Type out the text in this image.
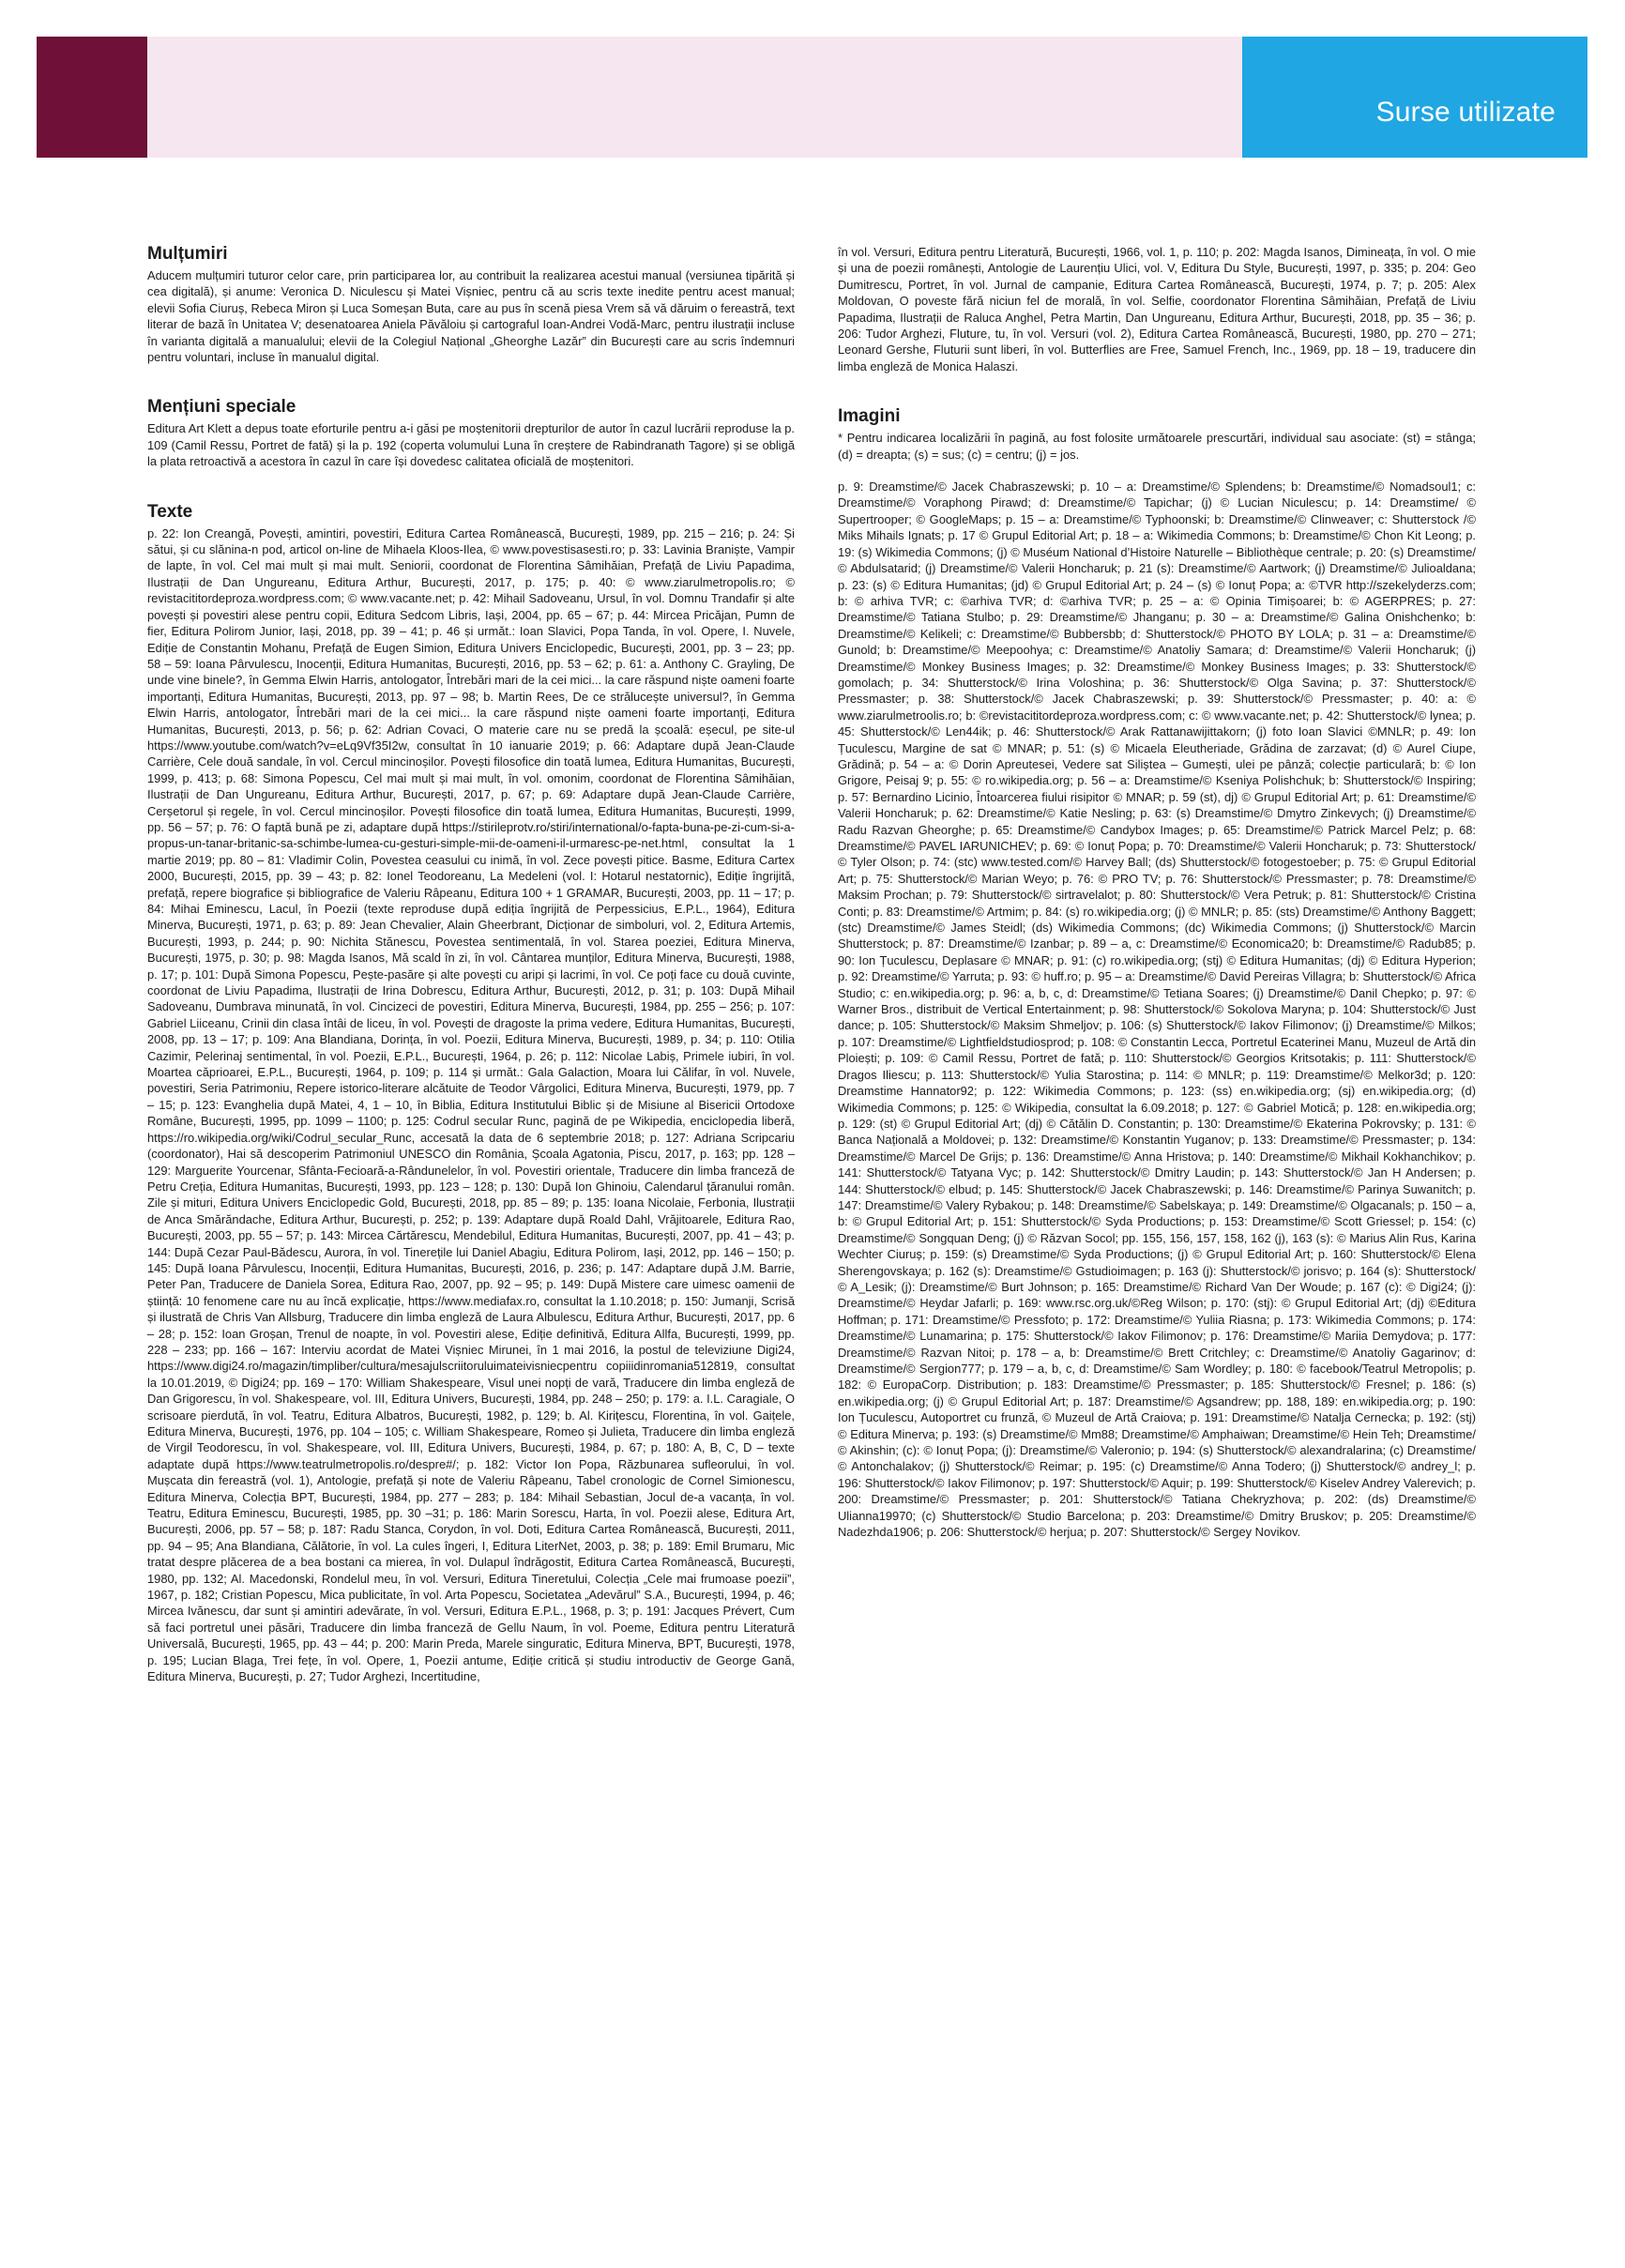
Surse utilizate
Mulțumiri

Aducem mulțumiri tuturor celor care, prin participarea lor, au contribuit la realizarea acestui manual (versiunea tipărită și cea digitală), și anume: Veronica D. Niculescu și Matei Vișniec, pentru că au scris texte inedite pentru acest manual; elevii Sofia Ciuruș, Rebeca Miron și Luca Someșan Buta, care au pus în scenă piesa Vrem să vă dăruim o fereastră, text literar de bază în Unitatea V; desenatoarea Aniela Păvăloiu și cartograful Ioan-Andrei Vodă-Marc, pentru ilustrații incluse în varianta digitală a manualului; elevii de la Colegiul Național „Gheorghe Lazăr” din București care au scris îndemnuri pentru voluntari, incluse în manualul digital.

Mențiuni speciale

Editura Art Klett a depus toate eforturile pentru a-i găsi pe moștenitorii drepturilor de autor în cazul lucrării reproduse la p. 109 (Camil Ressu, Portret de fată) și la p. 192 (coperta volumului Luna în creștere de Rabindranath Tagore) și se obligă la plata retroactivă a acestora în cazul în care își dovedesc calitatea oficială de moștenitori.

Texte

p. 22: Ion Creangă, Povești, amintiri, povestiri, Editura Cartea Românească, București, 1989, pp. 215 – 216; p. 24: Și sătui, și cu slănina-n pod, articol on-line de Mihaela Kloos-Ilea, © www.povestisasesti.ro; p. 33: Lavinia Braniște, Vampir de lapte, în vol. Cel mai mult și mai mult. Seniorii, coordonat de Florentina Sâmihăian, Prefață de Liviu Papadima, Ilustrații de Dan Ungureanu, Editura Arthur, București, 2017, p. 175; p. 40: © www.ziarulmetropolis.ro; © revistacititordeproza.wordpress.com; © www.vacante.net; p. 42: Mihail Sadoveanu, Ursul, în vol. Domnu Trandafir și alte povești și povestiri alese pentru copii, Editura Sedcom Libris, Iași, 2004, pp. 65 – 67; p. 44: Mircea Pricăjan, Pumn de fier, Editura Polirom Junior, Iași, 2018, pp. 39 – 41; p. 46 și următ.: Ioan Slavici, Popa Tanda, în vol. Opere, I. Nuvele, Ediție de Constantin Mohanu, Prefață de Eugen Simion, Editura Univers Enciclopedic, București, 2001, pp. 3 – 23; pp. 58 – 59: Ioana Pârvulescu, Inocenții, Editura Humanitas, București, 2016, pp. 53 – 62; p. 61: a. Anthony C. Grayling, De unde vine binele?, în Gemma Elwin Harris, antologator, Întrebări mari de la cei mici... la care răspund niște oameni foarte importanți, Editura Humanitas, București, 2013, pp. 97 – 98; b. Martin Rees, De ce strălucește universul?, în Gemma Elwin Harris, antologator, Întrebări mari de la cei mici... la care răspund niște oameni foarte importanți, Editura Humanitas, București, 2013, p. 56; p. 62: Adrian Covaci, O materie care nu se predă la școală: eșecul, pe site-ul https://www.youtube.com/watch?v=eLq9Vf35I2w, consultat în 10 ianuarie 2019; p. 66: Adaptare după Jean-Claude Carrière, Cele două sandale, în vol. Cercul mincinoșilor. Povești filosofice din toată lumea, Editura Humanitas, București, 1999, p. 413; p. 68: Simona Popescu, Cel mai mult și mai mult, în vol. omonim, coordonat de Florentina Sâmihăian, Ilustrații de Dan Ungureanu, Editura Arthur, București, 2017, p. 67; p. 69: Adaptare după Jean-Claude Carrière, Cerșetorul și regele, în vol. Cercul mincinoșilor. Povești filosofice din toată lumea, Editura Humanitas, București, 1999, pp. 56 – 57; p. 76: O faptă bună pe zi, adaptare după https://stirileprotv.ro/stiri/international/o-fapta-buna-pe-zi-cum-si-a-propus-un-tanar-britanic-sa-schimbe-lumea-cu-gesturi-simple-mii-de-oameni-il-urmaresc-pe-net.html, consultat la 1 martie 2019; pp. 80 – 81: Vladimir Colin, Povestea ceasului cu inimă, în vol. Zece povești pitice. Basme, Editura Cartex 2000, București, 2015, pp. 39 – 43; p. 82: Ionel Teodoreanu, La Medeleni (vol. I: Hotarul nestatornic), Ediție îngrijită, prefață, repere biografice și bibliografice de Valeriu Râpeanu, Editura 100 + 1 GRAMAR, București, 2003, pp. 11 – 17; p. 84: Mihai Eminescu, Lacul, în Poezii (texte reproduse după ediția îngrijită de Perpessicius, E.P.L., 1964), Editura Minerva, București, 1971, p. 63; p. 89: Jean Chevalier, Alain Gheerbrant, Dicționar de simboluri, vol. 2, Editura Artemis, București, 1993, p. 244; p. 90: Nichita Stănescu, Povestea sentimentală, în vol. Starea poeziei, Editura Minerva, București, 1975, p. 30; p. 98: Magda Isanos, Mă scald în zi, în vol. Cântarea munților, Editura Minerva, București, 1988, p. 17; p. 101: După Simona Popescu, Pește-pasăre și alte povești cu aripi și lacrimi, în vol. Ce poți face cu două cuvinte, coordonat de Liviu Papadima, Ilustrații de Irina Dobrescu, Editura Arthur, București, 2012, p. 31; p. 103: După Mihail Sadoveanu, Dumbrava minunată, în vol. Cincizeci de povestiri, Editura Minerva, București, 1984, pp. 255 – 256; p. 107: Gabriel Liiceanu, Crinii din clasa întâi de liceu, în vol. Povești de dragoste la prima vedere, Editura Humanitas, București, 2008, pp. 13 – 17; p. 109: Ana Blandiana, Dorința, în vol. Poezii, Editura Minerva, București, 1989, p. 34; p. 110: Otilia Cazimir, Pelerinaj sentimental, în vol. Poezii, E.P.L., București, 1964, p. 26; p. 112: Nicolae Labiș, Primele iubiri, în vol. Moartea căprioarei, E.P.L., București, 1964, p. 109; p. 114 și următ.: Gala Galaction, Moara lui Călifar, în vol. Nuvele, povestiri, Seria Patrimoniu, Repere istorico-literare alcătuite de Teodor Vârgolici, Editura Minerva, București, 1979, pp. 7 – 15; p. 123: Evanghelia după Matei, 4, 1 – 10, în Biblia, Editura Institutului Biblic și de Misiune al Bisericii Ortodoxe Române, București, 1995, pp. 1099 – 1100; p. 125: Codrul secular Runc, pagină de pe Wikipedia, enciclopedia liberă, https://ro.wikipedia.org/wiki/Codrul_secular_Runc, accesată la data de 6 septembrie 2018; p. 127: Adriana Scripcariu (coordonator), Hai să descoperim Patrimoniul UNESCO din România, Școala Agatonia, Piscu, 2017, p. 163; pp. 128 – 129: Marguerite Yourcenar, Sfânta-Fecioară-a-Rândunelelor, în vol. Povestiri orientale, Traducere din limba franceză de Petru Creția, Editura Humanitas, București, 1993, pp. 123 – 128; p. 130: După Ion Ghinoiu, Calendarul țăranului român. Zile și mituri, Editura Univers Enciclopedic Gold, București, 2018, pp. 85 – 89; p. 135: Ioana Nicolaie, Ferbonia, Ilustrații de Anca Smărăndache, Editura Arthur, București, p. 252; p. 139: Adaptare după Roald Dahl, Vrăjitoarele, Editura Rao, București, 2003, pp. 55 – 57; p. 143: Mircea Cărtărescu, Mendebilul, Editura Humanitas, București, 2007, pp. 41 – 43; p. 144: După Cezar Paul-Bădescu, Aurora, în vol. Tinerețile lui Daniel Abagiu, Editura Polirom, Iași, 2012, pp. 146 – 150; p. 145: După Ioana Pârvulescu, Inocenții, Editura Humanitas, București, 2016, p. 236; p. 147: Adaptare după J.M. Barrie, Peter Pan, Traducere de Daniela Sorea, Editura Rao, 2007, pp. 92 – 95; p. 149: După Mistere care uimesc oamenii de știință: 10 fenomene care nu au încă explicație, https://www.mediafax.ro, consultat la 1.10.2018; p. 150: Jumanji, Scrisă și ilustrată de Chris Van Allsburg, Traducere din limba engleză de Laura Albulescu, Editura Arthur, București, 2017, pp. 6 – 28; p. 152: Ioan Groșan, Trenul de noapte, în vol. Povestiri alese, Ediție definitivă, Editura Allfa, București, 1999, pp. 228 – 233; pp. 166 – 167: Interviu acordat de Matei Vișniec Mirunei, în 1 mai 2016, la postul de televiziune Digi24, https://www.digi24.ro/magazin/timpliber/cultura/mesajulscriitoruluimateivisniecpentru copiiidinromania512819, consultat la 10.01.2019, © Digi24; pp. 169 – 170: William Shakespeare, Visul unei nopți de vară, Traducere din limba engleză de Dan Grigorescu, în vol. Shakespeare, vol. III, Editura Univers, București, 1984, pp. 248 – 250; p. 179: a. I.L. Caragiale, O scrisoare pierdută, în vol. Teatru, Editura Albatros, București, 1982, p. 129; b. Al. Kirițescu, Florentina, în vol. Gaițele, Editura Minerva, București, 1976, pp. 104 – 105; c. William Shakespeare, Romeo și Julieta, Traducere din limba engleză de Virgil Teodorescu, în vol. Shakespeare, vol. III, Editura Univers, București, 1984, p. 67; p. 180: A, B, C, D – texte adaptate după https://www.teatrulmetropolis.ro/despre#/; p. 182: Victor Ion Popa, Răzbunarea sufleorului, în vol. Mușcata din fereastră (vol. 1), Antologie, prefață și note de Valeriu Râpeanu, Tabel cronologic de Cornel Simionescu, Editura Minerva, Colecția BPT, București, 1984, pp. 277 – 283; p. 184: Mihail Sebastian, Jocul de-a vacanța, în vol. Teatru, Editura Eminescu, București, 1985, pp. 30 –31; p. 186: Marin Sorescu, Harta, în vol. Poezii alese, Editura Art, București, 2006, pp. 57 – 58; p. 187: Radu Stanca, Corydon, în vol. Doti, Editura Cartea Românească, București, 2011, pp. 94 – 95; Ana Blandiana, Călătorie, în vol. La cules îngeri, I, Editura LiterNet, 2003, p. 38; p. 189: Emil Brumaru, Mic tratat despre plăcerea de a bea bostani ca mierea, în vol. Dulapul îndrăgostit, Editura Cartea Românească, București, 1980, pp. 132; Al. Macedonski, Rondelul meu, în vol. Versuri, Editura Tineretului, Colecția „Cele mai frumoase poezii”, 1967, p. 182; Cristian Popescu, Mica publicitate, în vol. Arta Popescu, Societatea „Adevărul” S.A., București, 1994, p. 46; Mircea Ivănescu, dar sunt și amintiri adevărate, în vol. Versuri, Editura E.P.L., 1968, p. 3; p. 191: Jacques Prévert, Cum să faci portretul unei păsări, Traducere din limba franceză de Gellu Naum, în vol. Poeme, Editura pentru Literatură Universală, București, 1965, pp. 43 – 44; p. 200: Marin Preda, Marele singuratic, Editura Minerva, BPT, București, 1978, p. 195; Lucian Blaga, Trei fețe, în vol. Opere, 1, Poezii antume, Ediție critică și studiu introductiv de George Gană, Editura Minerva, București, p. 27; Tudor Arghezi, Incertitudine,

în vol. Versuri, Editura pentru Literatură, București, 1966, vol. 1, p. 110; p. 202: Magda Isanos, Dimineața, în vol. O mie și una de poezii românești, Antologie de Laurențiu Ulici, vol. V, Editura Du Style, București, 1997, p. 335; p. 204: Geo Dumitrescu, Portret, în vol. Jurnal de campanie, Editura Cartea Românească, București, 1974, p. 7; p. 205: Alex Moldovan, O poveste fără niciun fel de morală, în vol. Selfie, coordonator Florentina Sâmihăian, Prefață de Liviu Papadima, Ilustrații de Raluca Anghel, Petra Martin, Dan Ungureanu, Editura Arthur, București, 2018, pp. 35 – 36; p. 206: Tudor Arghezi, Fluture, tu, în vol. Versuri (vol. 2), Editura Cartea Românească, București, 1980, pp. 270 – 271; Leonard Gershe, Fluturii sunt liberi, în vol. Butterflies are Free, Samuel French, Inc., 1969, pp. 18 – 19, traducere din limba engleză de Monica Halaszi.

Imagini

* Pentru indicarea localizării în pagină, au fost folosite următoarele prescurtări, individual sau asociate: (st) = stânga; (d) = dreapta; (s) = sus; (c) = centru; (j) = jos.

p. 9: Dreamstime/© Jacek Chabraszewski; p. 10 – a: Dreamstime/© Splendens; b: Dreamstime/© Nomadsoul1; c: Dreamstime/© Voraphong Pirawd; d: Dreamstime/© Tapichar; (j) © Lucian Niculescu; p. 14: Dreamstime/ © Supertrooper; © GoogleMaps; p. 15 – a: Dreamstime/© Typhoonski; b: Dreamstime/© Clinweaver; c: Shutterstock /© Miks Mihails Ignats; p. 17 © Grupul Editorial Art; p. 18 – a: Wikimedia Commons; b: Dreamstime/© Chon Kit Leong; p. 19: (s) Wikimedia Commons; (j) © Muséum National d’Histoire Naturelle – Bibliothèque centrale; p. 20: (s) Dreamstime/© Abdulsatarid; (j) Dreamstime/© Valerii Honcharuk; p. 21 (s): Dreamstime/© Aartwork; (j) Dreamstime/© Julioaldana; p. 23: (s) © Editura Humanitas; (jd) © Grupul Editorial Art; p. 24 – (s) © Ionuț Popa; a: ©TVR http://szekelyderzs.com; b: © arhiva TVR; c: ©arhiva TVR; d: ©arhiva TVR; p. 25 – a: © Opinia Timișoarei; b: © AGERPRES; p. 27: Dreamstime/© Tatiana Stulbo; p. 29: Dreamstime/© Jhanganu; p. 30 – a: Dreamstime/© Galina Onishchenko; b: Dreamstime/© Kelikeli; c: Dreamstime/© Bubbersbb; d: Shutterstock/© PHOTO BY LOLA; p. 31 – a: Dreamstime/© Gunold; b: Dreamstime/© Meepoohya; c: Dreamstime/© Anatoliy Samara; d: Dreamstime/© Valerii Honcharuk; (j) Dreamstime/© Monkey Business Images; p. 32: Dreamstime/© Monkey Business Images; p. 33: Shutterstock/© gomolach; p. 34: Shutterstock/© Irina Voloshina; p. 36: Shutterstock/© Olga Savina; p. 37: Shutterstock/© Pressmaster; p. 38: Shutterstock/© Jacek Chabraszewski; p. 39: Shutterstock/© Pressmaster; p. 40: a: © www.ziarulmetroolis.ro; b: ©revistacititordeproza.wordpress.com; c: © www.vacante.net; p. 42: Shutterstock/© lynea; p. 45: Shutterstock/© Len44ik; p. 46: Shutterstock/© Arak Rattanawijittakorn; (j) foto Ioan Slavici ©MNLR; p. 49: Ion Țuculescu, Margine de sat © MNAR; p. 51: (s) © Micaela Eleutheriade, Grădina de zarzavat; (d) © Aurel Ciupe, Grădină; p. 54 – a: © Dorin Apreutesei, Vedere sat Siliștea – Gumești, ulei pe pânză; colecție particulară; b: © Ion Grigore, Peisaj 9; p. 55: © ro.wikipedia.org; p. 56 – a: Dreamstime/© Kseniya Polishchuk; b: Shutterstock/© Inspiring; p. 57: Bernardino Licinio, Întoarcerea fiului risipitor © MNAR; p. 59 (st), dj) © Grupul Editorial Art; p. 61: Dreamstime/© Valerii Honcharuk; p. 62: Dreamstime/© Katie Nesling; p. 63: (s) Dreamstime/© Dmytro Zinkevych; (j) Dreamstime/© Radu Razvan Gheorghe; p. 65: Dreamstime/© Candybox Images; p. 65: Dreamstime/© Patrick Marcel Pelz; p. 68: Dreamstime/© PAVEL IARUNICHEV; p. 69: © Ionuț Popa; p. 70: Dreamstime/© Valerii Honcharuk; p. 73: Shutterstock/© Tyler Olson; p. 74: (stc) www.tested.com/© Harvey Ball; (ds) Shutterstock/© fotogestoeber; p. 75: © Grupul Editorial Art; p. 75: Shutterstock/© Marian Weyo; p. 76: © PRO TV; p. 76: Shutterstock/© Pressmaster; p. 78: Dreamstime/© Maksim Prochan; p. 79: Shutterstock/© sirtravelalot; p. 80: Shutterstock/© Vera Petruk; p. 81: Shutterstock/© Cristina Conti; p. 83: Dreamstime/© Artmim; p. 84: (s) ro.wikipedia.org; (j) © MNLR; p. 85: (sts) Dreamstime/© Anthony Baggett; (stc) Dreamstime/© James Steidl; (ds) Wikimedia Commons; (dc) Wikimedia Commons; (j) Shutterstock/© Marcin Shutterstock; p. 87: Dreamstime/© Izanbar; p. 89 – a, c: Dreamstime/© Economica20; b: Dreamstime/© Radub85; p. 90: Ion Țuculescu, Deplasare © MNAR; p. 91: (c) ro.wikipedia.org; (stj) © Editura Humanitas; (dj) © Editura Hyperion; p. 92: Dreamstime/© Yarruta; p. 93: © huff.ro; p. 95 – a: Dreamstime/© David Pereiras Villagra; b: Shutterstock/© Africa Studio; c: en.wikipedia.org; p. 96: a, b, c, d: Dreamstime/© Tetiana Soares; (j) Dreamstime/© Danil Chepko; p. 97: © Warner Bros., distribuit de Vertical Entertainment; p. 98: Shutterstock/© Sokolova Maryna; p. 104: Shutterstock/© Just dance; p. 105: Shutterstock/© Maksim Shmeljov; p. 106: (s) Shutterstock/© Iakov Filimonov; (j) Dreamstime/© Milkos; p. 107: Dreamstime/© Lightfieldstudiosprod; p. 108: © Constantin Lecca, Portretul Ecaterinei Manu, Muzeul de Artă din Ploiești; p. 109: © Camil Ressu, Portret de fată; p. 110: Shutterstock/© Georgios Kritsotakis; p. 111: Shutterstock/© Dragos Iliescu; p. 113: Shutterstock/© Yulia Starostina; p. 114: © MNLR; p. 119: Dreamstime/© Melkor3d; p. 120: Dreamstime Hannator92; p. 122: Wikimedia Commons; p. 123: (ss) en.wikipedia.org; (sj) en.wikipedia.org; (d) Wikimedia Commons; p. 125: © Wikipedia, consultat la 6.09.2018; p. 127: © Gabriel Motică; p. 128: en.wikipedia.org; p. 129: (st) © Grupul Editorial Art; (dj) © Cătălin D. Constantin; p. 130: Dreamstime/© Ekaterina Pokrovsky; p. 131: © Banca Națională a Moldovei; p. 132: Dreamstime/© Konstantin Yuganov; p. 133: Dreamstime/© Pressmaster; p. 134: Dreamstime/© Marcel De Grijs; p. 136: Dreamstime/© Anna Hristova; p. 140: Dreamstime/© Mikhail Kokhanchikov; p. 141: Shutterstock/© Tatyana Vyc; p. 142: Shutterstock/© Dmitry Laudin; p. 143: Shutterstock/© Jan H Andersen; p. 144: Shutterstock/© elbud; p. 145: Shutterstock/© Jacek Chabraszewski; p. 146: Dreamstime/© Parinya Suwanitch; p. 147: Dreamstime/© Valery Rybakou; p. 148: Dreamstime/© Sabelskaya; p. 149: Dreamstime/© Olgacanals; p. 150 – a, b: © Grupul Editorial Art; p. 151: Shutterstock/© Syda Productions; p. 153: Dreamstime/© Scott Griessel; p. 154: (c) Dreamstime/© Songquan Deng; (j) © Răzvan Socol; pp. 155, 156, 157, 158, 162 (j), 163 (s): © Marius Alin Rus, Karina Wechter Ciuruș; p. 159: (s) Dreamstime/© Syda Productions; (j) © Grupul Editorial Art; p. 160: Shutterstock/© Elena Sherengovskaya; p. 162 (s): Dreamstime/© Gstudioimagen; p. 163 (j): Shutterstock/© jorisvo; p. 164 (s): Shutterstock/© A_Lesik; (j): Dreamstime/© Burt Johnson; p. 165: Dreamstime/© Richard Van Der Woude; p. 167 (c): © Digi24; (j): Dreamstime/© Heydar Jafarli; p. 169: www.rsc.org.uk/©Reg Wilson; p. 170: (stj): © Grupul Editorial Art; (dj) ©Editura Hoffman; p. 171: Dreamstime/© Pressfoto; p. 172: Dreamstime/© Yuliia Riasna; p. 173: Wikimedia Commons; p. 174: Dreamstime/© Lunamarina; p. 175: Shutterstock/© Iakov Filimonov; p. 176: Dreamstime/© Mariia Demydova; p. 177: Dreamstime/© Razvan Nitoi; p. 178 – a, b: Dreamstime/© Brett Critchley; c: Dreamstime/© Anatoliy Gagarinov; d: Dreamstime/© Sergion777; p. 179 – a, b, c, d: Dreamstime/© Sam Wordley; p. 180: © facebook/Teatrul Metropolis; p. 182: © EuropaCorp. Distribution; p. 183: Dreamstime/© Pressmaster; p. 185: Shutterstock/© Fresnel; p. 186: (s) en.wikipedia.org; (j) © Grupul Editorial Art; p. 187: Dreamstime/© Agsandrew; pp. 188, 189: en.wikipedia.org; p. 190: Ion Țuculescu, Autoportret cu frunză, © Muzeul de Artă Craiova; p. 191: Dreamstime/© Natalja Cernecka; p. 192: (stj) © Editura Minerva; p. 193: (s) Dreamstime/© Mm88; Dreamstime/© Amphaiwan; Dreamstime/© Hein Teh; Dreamstime/© Akinshin; (c): © Ionuț Popa; (j): Dreamstime/© Valeronio; p. 194: (s) Shutterstock/© alexandralarina; (c) Dreamstime/© Antonchalakov; (j) Shutterstock/© Reimar; p. 195: (c) Dreamstime/© Anna Todero; (j) Shutterstock/© andrey_l; p. 196: Shutterstock/© Iakov Filimonov; p. 197: Shutterstock/© Aquir; p. 199: Shutterstock/© Kiselev Andrey Valerevich; p. 200: Dreamstime/© Pressmaster; p. 201: Shutterstock/© Tatiana Chekryzhova; p. 202: (ds) Dreamstime/© Ulianna19970; (c) Shutterstock/© Studio Barcelona; p. 203: Dreamstime/© Dmitry Bruskov; p. 205: Dreamstime/© Nadezhda1906; p. 206: Shutterstock/© herjua; p. 207: Shutterstock/© Sergey Novikov.
